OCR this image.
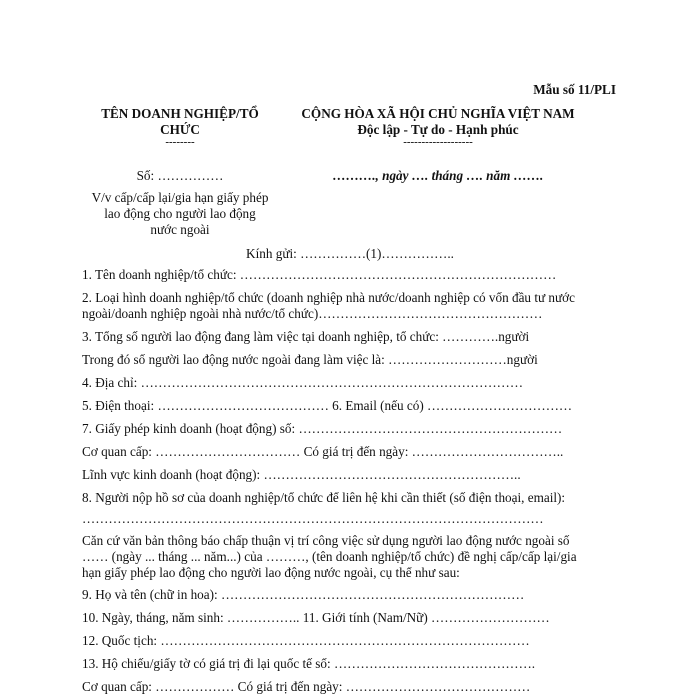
Mẫu số 11/PLI
TÊN DOANH NGHIỆP/TỔ
CHỨC
--------
Số: ……………
V/v cấp/cấp lại/gia hạn giấy phép
lao động cho người lao động
nước ngoài
CỘNG HÒA XÃ HỘI CHỦ NGHĨA VIỆT NAM
Độc lập - Tự do - Hạnh phúc
-------------------
………., ngày …. tháng …. năm …….
Kính gửi: ……………(1)……………..
1. Tên doanh nghiệp/tổ chức: ………………………………………………………………
2. Loại hình doanh nghiệp/tổ chức (doanh nghiệp nhà nước/doanh nghiệp có vốn đầu tư nước
ngoài/doanh nghiệp ngoài nhà nước/tổ chức)……………………………………………
3. Tổng số người lao động đang làm việc tại doanh nghiệp, tổ chức: ………….người
Trong đó số người lao động nước ngoài đang làm việc là: ………………………người
4. Địa chỉ: ……………………………………………………………………………
5. Điện thoại: ………………………………… 6. Email (nếu có) ……………………………
7. Giấy phép kinh doanh (hoạt động) số: ……………………………………………………
Cơ quan cấp: …………………………… Có giá trị đến ngày: ……………………………..
Lĩnh vực kinh doanh (hoạt động): …………………………………………………..
8. Người nộp hồ sơ của doanh nghiệp/tổ chức để liên hệ khi cần thiết (số điện thoại, email):
……………………………………………………………………………………………
Căn cứ văn bản thông báo chấp thuận vị trí công việc sử dụng người lao động nước ngoài số
…… (ngày ... tháng ... năm...) của ………, (tên doanh nghiệp/tổ chức) đề nghị cấp/cấp lại/gia
hạn giấy phép lao động cho người lao động nước ngoài, cụ thể như sau:
9. Họ và tên (chữ in hoa): ……………………………………………………………
10. Ngày, tháng, năm sinh: …………….. 11. Giới tính (Nam/Nữ) ………………………
12. Quốc tịch: …………………………………………………………………………
13. Hộ chiếu/giấy tờ có giá trị đi lại quốc tế số: ……………………………………….
Cơ quan cấp: ……………… Có giá trị đến ngày: ……………………………………
